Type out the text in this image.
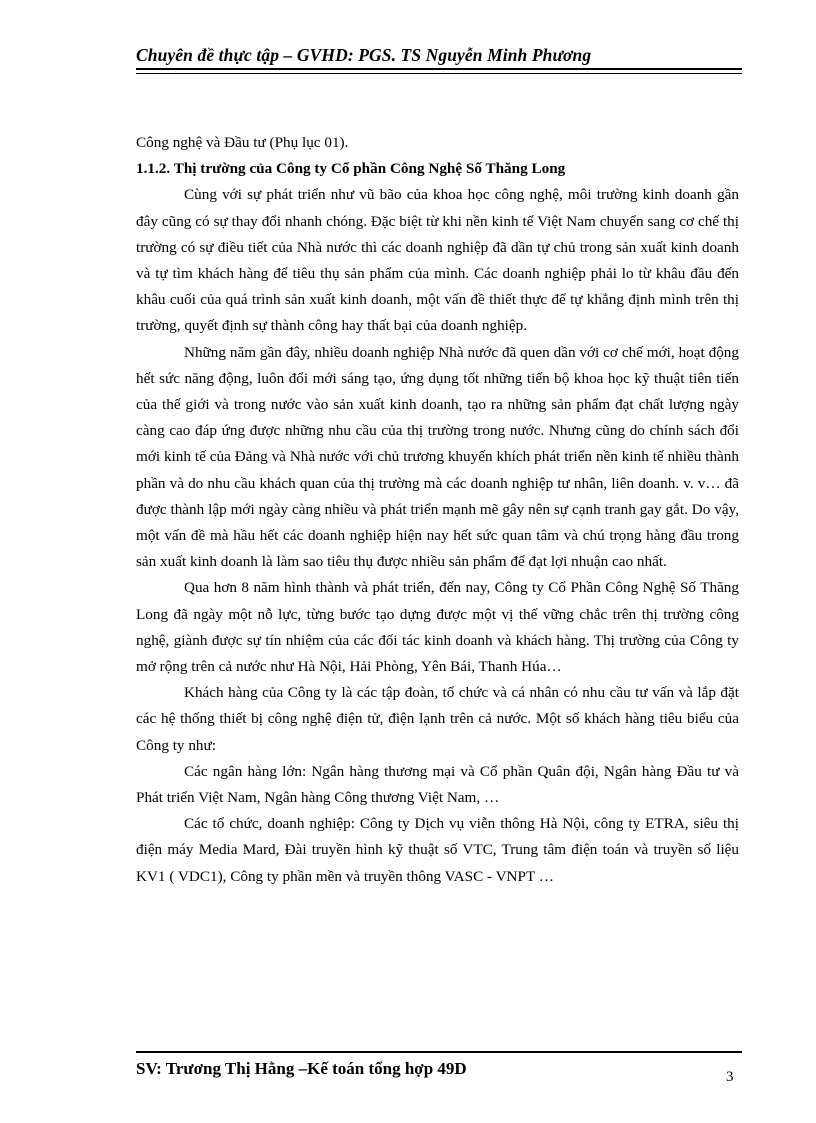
Chuyên đề thực tập – GVHD: PGS. TS Nguyễn Minh Phương

Công nghệ và Đầu tư (Phụ lục 01).

1.1.2. Thị trường của Công ty Cổ phần Công Nghệ Số Thăng Long

Cùng với sự phát triển như vũ bão của khoa học công nghệ, môi trường kinh doanh gần đây cũng có sự thay đổi nhanh chóng. Đặc biệt từ khi nền kinh tế Việt Nam chuyển sang cơ chế thị trường có sự điều tiết của Nhà nước thì các doanh nghiệp đã dần tự chủ trong sản xuất kinh doanh và tự tìm khách hàng để tiêu thụ sản phẩm của mình. Các doanh nghiệp phải lo từ khâu đầu đến khâu cuối của quá trình sản xuất kinh doanh, một vấn đề thiết thực để tự khẳng định mình trên thị trường, quyết định sự thành công hay thất bại của doanh nghiệp.

Những năm gần đây, nhiều doanh nghiệp Nhà nước đã quen dần với cơ chế mới, hoạt động hết sức năng động, luôn đổi mới sáng tạo, ứng dụng tốt những tiến bộ khoa học kỹ thuật tiên tiến của thế giới và trong nước vào sản xuất kinh doanh, tạo ra những sản phẩm đạt chất lượng ngày càng cao đáp ứng được những nhu cầu của thị trường trong nước. Nhưng cũng do chính sách đổi mới kinh tế của Đảng và Nhà nước với chủ trương khuyến khích phát triển nền kinh tế nhiều thành phần và do nhu cầu khách quan của thị trường mà các doanh nghiệp tư nhân, liên doanh. v. v… đã được thành lập mới ngày càng nhiều và phát triển mạnh mẽ gây nên sự cạnh tranh gay gắt. Do vậy, một vấn đề mà hầu hết các doanh nghiệp hiện nay hết sức quan tâm và chú trọng hàng đầu trong sản xuất kinh doanh là làm sao tiêu thụ được nhiều sản phẩm để đạt lợi nhuận cao nhất.

Qua hơn 8 năm hình thành và phát triển, đến nay, Công ty Cổ Phần Công Nghệ Số Thăng Long đã ngày một nỗ lực, từng bước tạo dựng được một vị thế vững chắc trên thị trường công nghệ, giành được sự tín nhiệm của các đối tác kinh doanh và khách hàng. Thị trường của Công ty mở rộng trên cả nước như Hà Nội, Hải Phòng, Yên Bái, Thanh Húa…

Khách hàng của Công ty là các tập đoàn, tổ chức và cá nhân có nhu cầu tư vấn và lắp đặt các hệ thống thiết bị công nghệ điện tử, điện lạnh trên cả nước. Một số khách hàng tiêu biểu của Công ty như:

Các ngân hàng lớn: Ngân hàng thương mại và Cổ phần Quân đội, Ngân hàng Đầu tư và Phát triển Việt Nam, Ngân hàng Công thương Việt Nam, …

Các tổ chức, doanh nghiệp: Công ty Dịch vụ viễn thông Hà Nội, công ty ETRA, siêu thị điện máy Media Mard, Đài truyền hình kỹ thuật số VTC, Trung tâm điện toán và truyền số liệu KV1 ( VDC1), Công ty phần mền và truyền thông VASC - VNPT …

SV: Trương Thị Hằng –Kế toán tổng hợp 49D	3
